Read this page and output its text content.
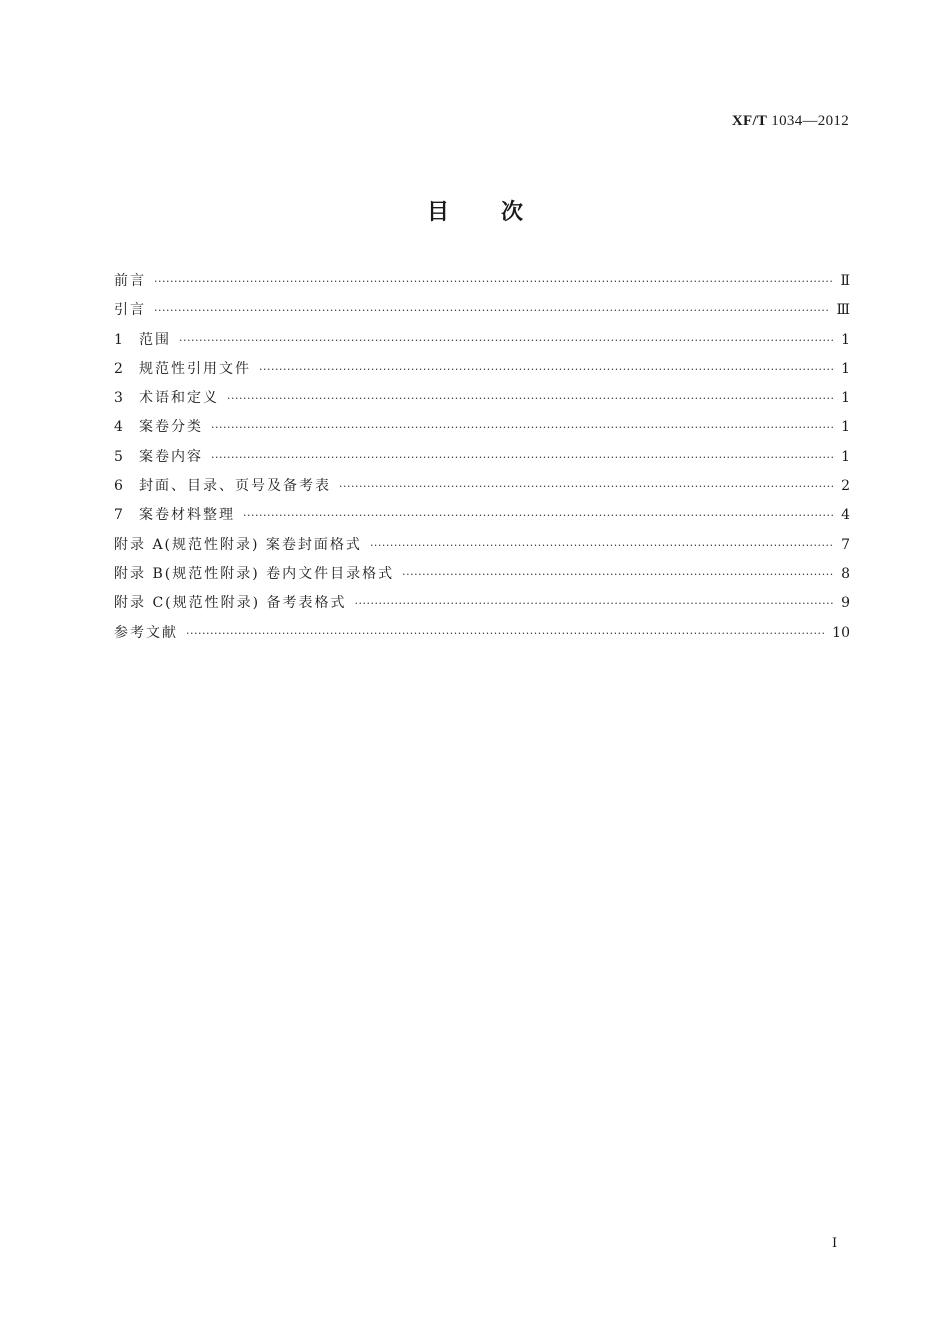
XF/T 1034—2012
目次
前言 ·····	Ⅱ
引言 ·····	Ⅲ
1	范围 ·····	1
2	规范性引用文件 ·····	1
3	术语和定义 ·····	1
4	案卷分类 ·····	1
5	案卷内容 ·····	1
6	封面、目录、页号及备考表 ·····	2
7	案卷材料整理 ·····	4
附录 A(规范性附录) 案卷封面格式 ·····	7
附录 B(规范性附录) 卷内文件目录格式 ·····	8
附录 C(规范性附录) 备考表格式 ·····	9
参考文献 ·····	10
I
